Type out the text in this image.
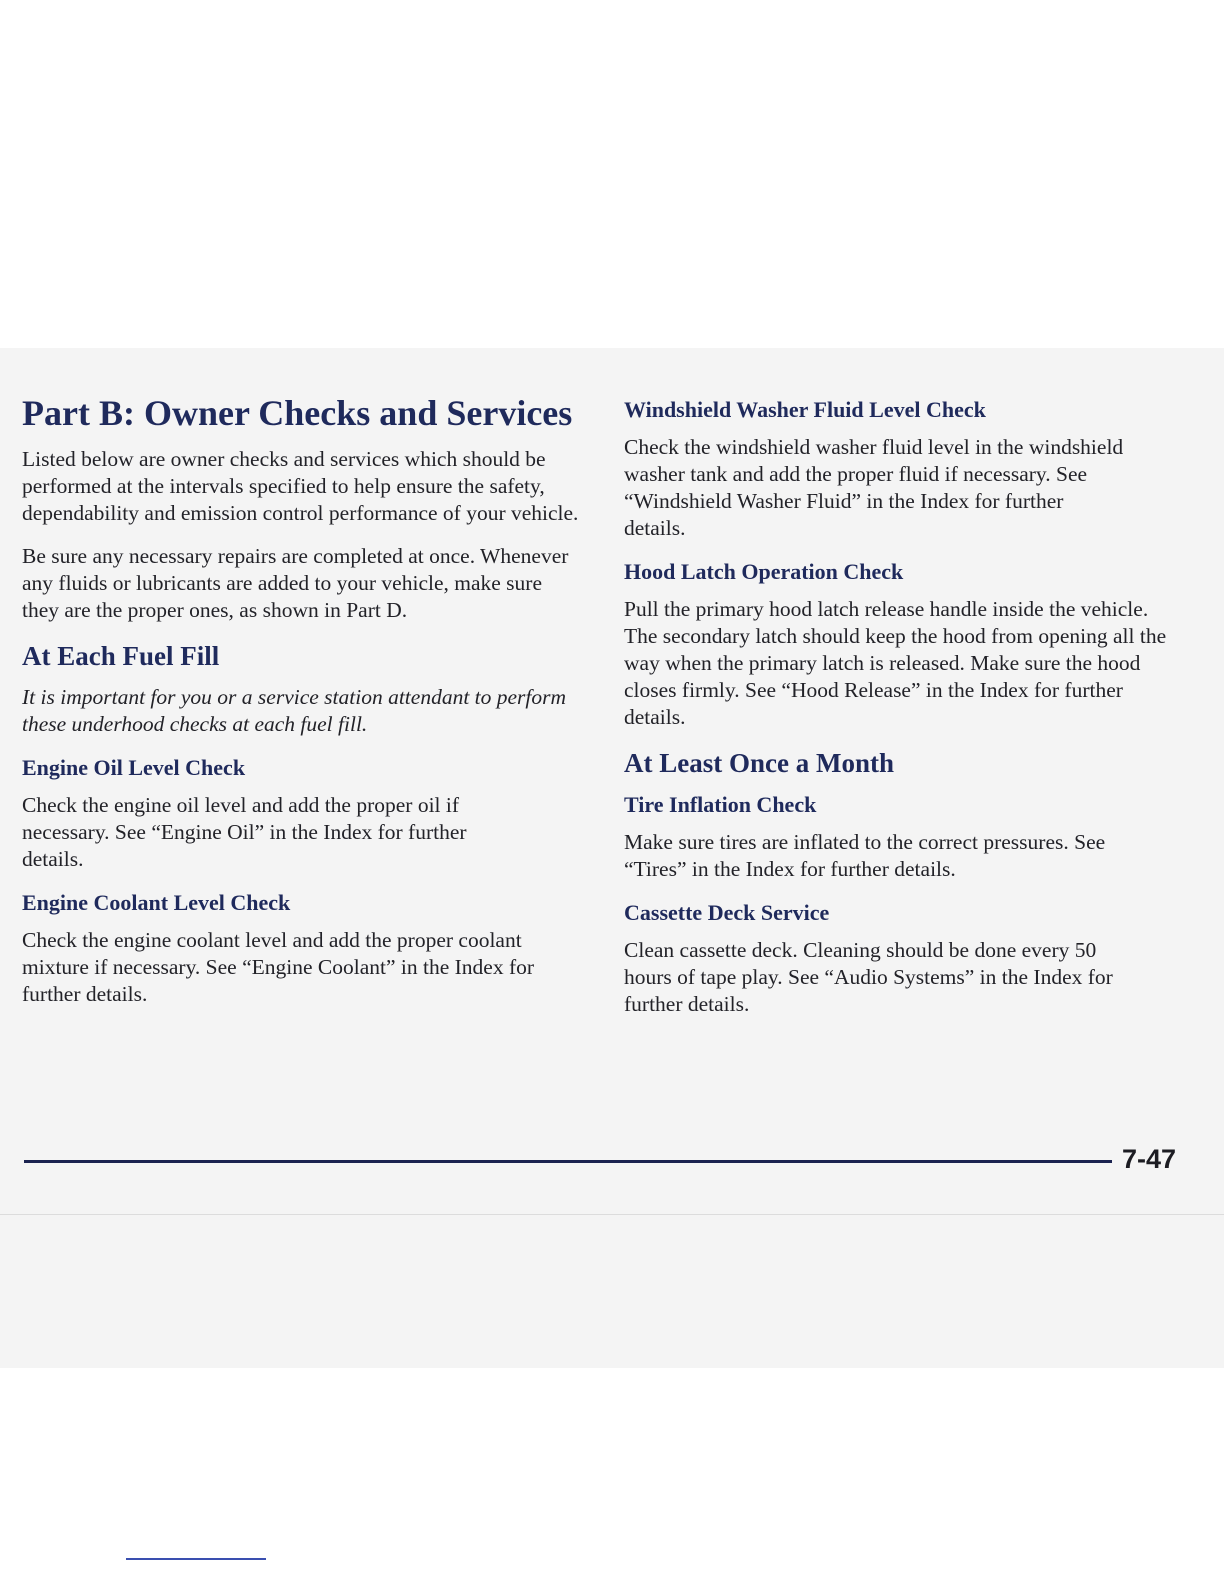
Part B: Owner Checks and Services

Listed below are owner checks and services which should be performed at the intervals specified to help ensure the safety, dependability and emission control performance of your vehicle.

Be sure any necessary repairs are completed at once. Whenever any fluids or lubricants are added to your vehicle, make sure they are the proper ones, as shown in Part D.

At Each Fuel Fill

It is important for you or a service station attendant to perform these underhood checks at each fuel fill.

Engine Oil Level Check

Check the engine oil level and add the proper oil if necessary. See “Engine Oil” in the Index for further details.

Engine Coolant Level Check

Check the engine coolant level and add the proper coolant mixture if necessary. See “Engine Coolant” in the Index for further details.

Windshield Washer Fluid Level Check

Check the windshield washer fluid level in the windshield washer tank and add the proper fluid if necessary. See “Windshield Washer Fluid” in the Index for further details.

Hood Latch Operation Check

Pull the primary hood latch release handle inside the vehicle. The secondary latch should keep the hood from opening all the way when the primary latch is released. Make sure the hood closes firmly. See “Hood Release” in the Index for further details.

At Least Once a Month
Tire Inflation Check

Make sure tires are inflated to the correct pressures. See “Tires” in the Index for further details.

Cassette Deck Service

Clean cassette deck. Cleaning should be done every 50 hours of tape play. See “Audio Systems” in the Index for further details.

7-47
